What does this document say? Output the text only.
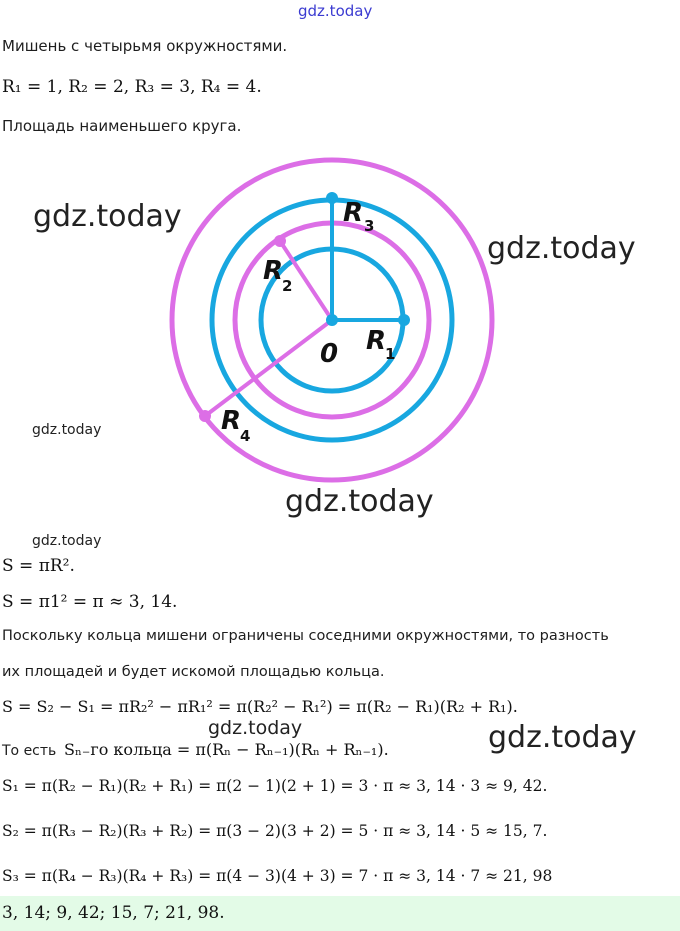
gdz.today
Мишень с четырьмя окружностями.
R₁ = 1, R₂ = 2, R₃ = 3, R₄ = 4.
Площадь наименьшего круга.
0
R 3
R
2
R
1
R
4
gdz.today
gdz.today
gdz.today
gdz.today
gdz.today
S = πR².
S = π1² = π ≈ 3, 14.
Поскольку кольца мишени ограничены соседними окружностями, то разность
их площадей и будет искомой площадью кольца.
S = S₂ − S₁ = πR₂² − πR₁² = π(R₂² − R₁²) = π(R₂ − R₁)(R₂ + R₁).
gdz.today	gdz.today
То есть Sₙ₋го кольца = π(Rₙ − Rₙ₋₁)(Rₙ + Rₙ₋₁).
S₁ = π(R₂ − R₁)(R₂ + R₁) = π(2 − 1)(2 + 1) = 3 · π ≈ 3, 14 · 3 ≈ 9, 42.
S₂ = π(R₃ − R₂)(R₃ + R₂) = π(3 − 2)(3 + 2) = 5 · π ≈ 3, 14 · 5 ≈ 15, 7.
S₃ = π(R₄ − R₃)(R₄ + R₃) = π(4 − 3)(4 + 3) = 7 · π ≈ 3, 14 · 7 ≈ 21, 98
3, 14; 9, 42; 15, 7; 21, 98.
